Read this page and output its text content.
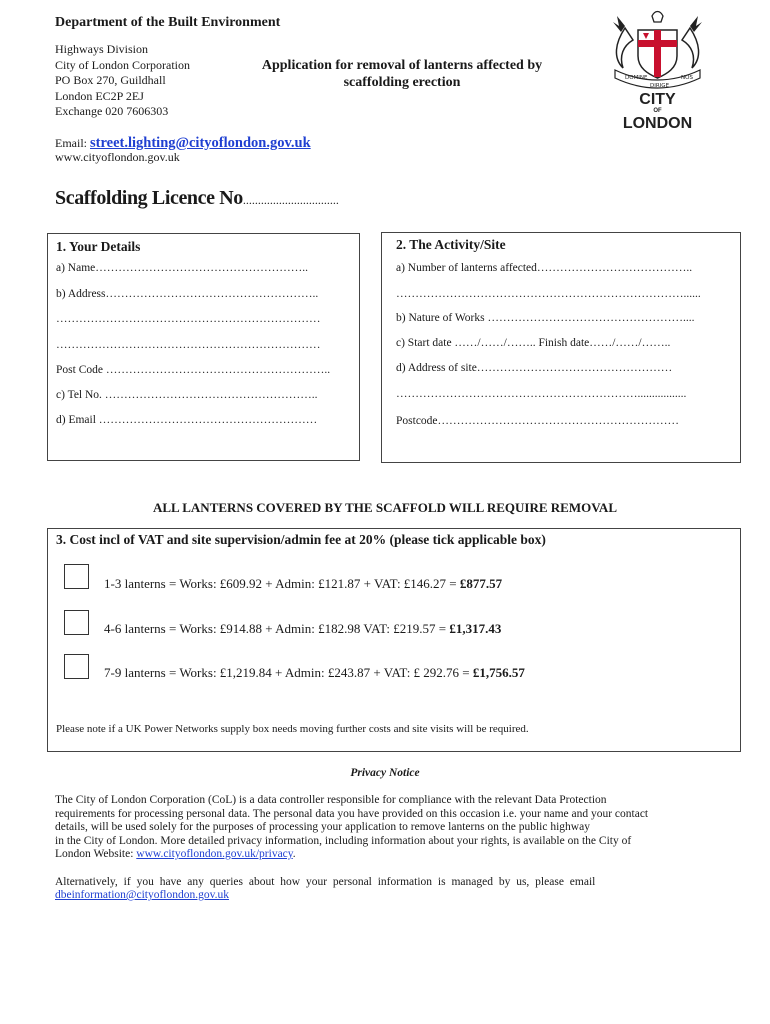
Department of the Built Environment
Highways Division
City of London Corporation
PO Box 270, Guildhall
London EC2P 2EJ
Exchange 020 7606303
Application for removal of lanterns affected by
scaffolding erection	DOMINE
DIRIGE
NOS
CITY
OF
LONDON
Email: street.lighting@cityoflondon.gov.uk
www.cityoflondon.gov.uk
Scaffolding Licence No................................
1. Your Details
a) Name………………………………………………..
b) Address………………………………………………..
……………………………………………………………
……………………………………………………………
Post Code …………………………………………………..
c) Tel No. ………………………………………………..
d) Email …………………………………………………
2. The Activity/Site
a) Number of lanterns affected…………………………………..
…………………………………………………………………......
b) Nature of Works ……………………………………………....
c) Start date ……/……/…….. Finish date……/……/……..
d) Address of site……………………………………………
……………………………………………………….................
Postcode………………………………………………………
ALL LANTERNS COVERED BY THE SCAFFOLD WILL REQUIRE REMOVAL
3. Cost incl of VAT and site supervision/admin fee at 20% (please tick applicable box)
1-3 lanterns = Works: £609.92 + Admin: £121.87 + VAT: £146.27 = £877.57
4-6 lanterns = Works: £914.88 + Admin: £182.98 VAT: £219.57 = £1,317.43
7-9 lanterns = Works: £1,219.84 + Admin: £243.87 + VAT: £ 292.76 = £1,756.57
Please note if a UK Power Networks supply box needs moving further costs and site visits will be required.
Privacy Notice
The City of London Corporation (CoL) is a data controller responsible for compliance with the relevant Data Protection
requirements for processing personal data. The personal data you have provided on this occasion i.e. your name and your contact
details, will be used solely for the purposes of processing your application to remove lanterns on the public highway
in the City of London. More detailed privacy information, including information about your rights, is available on the City of
London Website: www.cityoflondon.gov.uk/privacy.
Alternatively, if you have any queries about how your personal information is managed by us, please email
dbeinformation@cityoflondon.gov.uk
